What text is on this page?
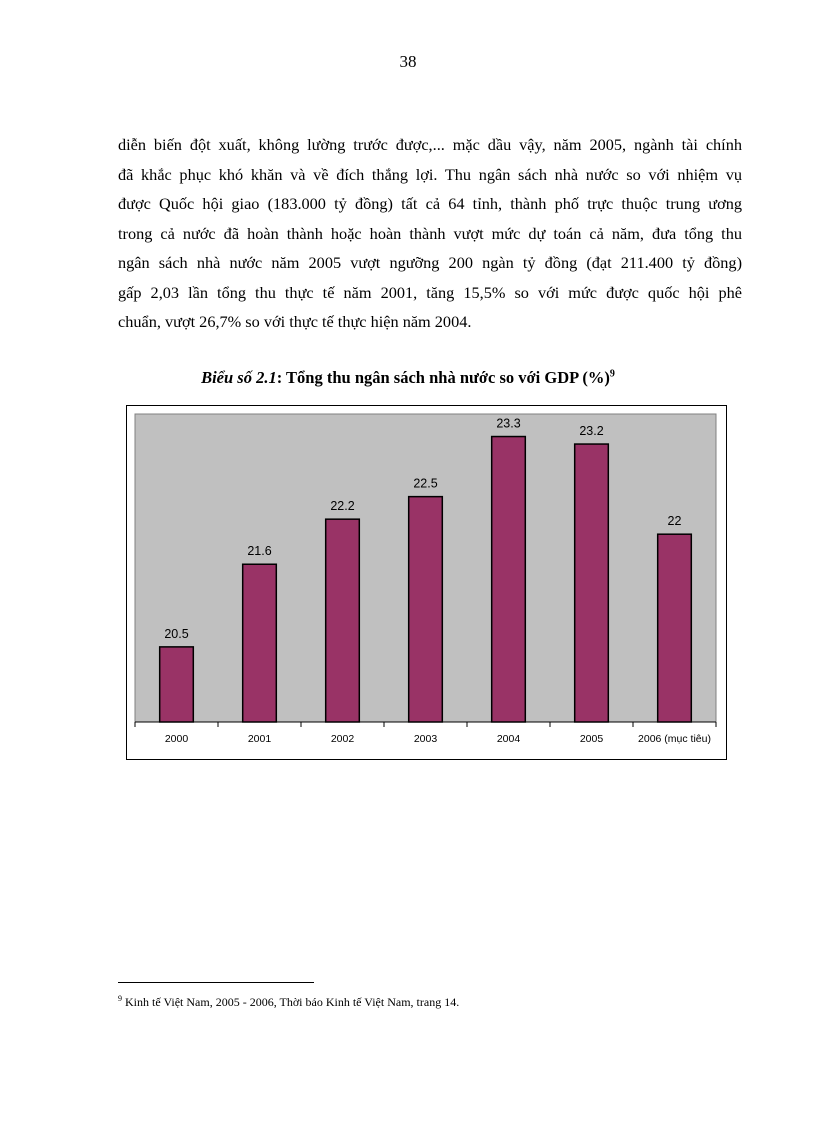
38
diễn biến đột xuất, không lường trước được,... mặc dầu vậy, năm 2005, ngành tài chính
đã khắc phục khó khăn và về đích thắng lợi. Thu ngân sách nhà nước so với nhiệm vụ
được Quốc hội giao (183.000 tỷ đồng) tất cả 64 tỉnh, thành phố trực thuộc trung ương
trong cả nước đã hoàn thành hoặc hoàn thành vượt mức dự toán cả năm, đưa tổng thu
ngân sách nhà nước năm 2005 vượt ngưỡng 200 ngàn tỷ đồng (đạt 211.400 tỷ đồng)
gấp 2,03 lần tổng thu thực tế năm 2001, tăng 15,5% so với mức được quốc hội phê
chuẩn, vượt 26,7% so với thực tế thực hiện năm 2004.
Biểu số 2.1: Tổng thu ngân sách nhà nước so với GDP (%)$^9$
20.5
2000
21.6
2001
22.2
2002
22.5
2003
23.3
2004
23.2
2005
22
2006 (mục tiêu)
$^9$ Kinh tế Việt Nam, 2005 - 2006, Thời báo Kinh tế Việt Nam, trang 14.
